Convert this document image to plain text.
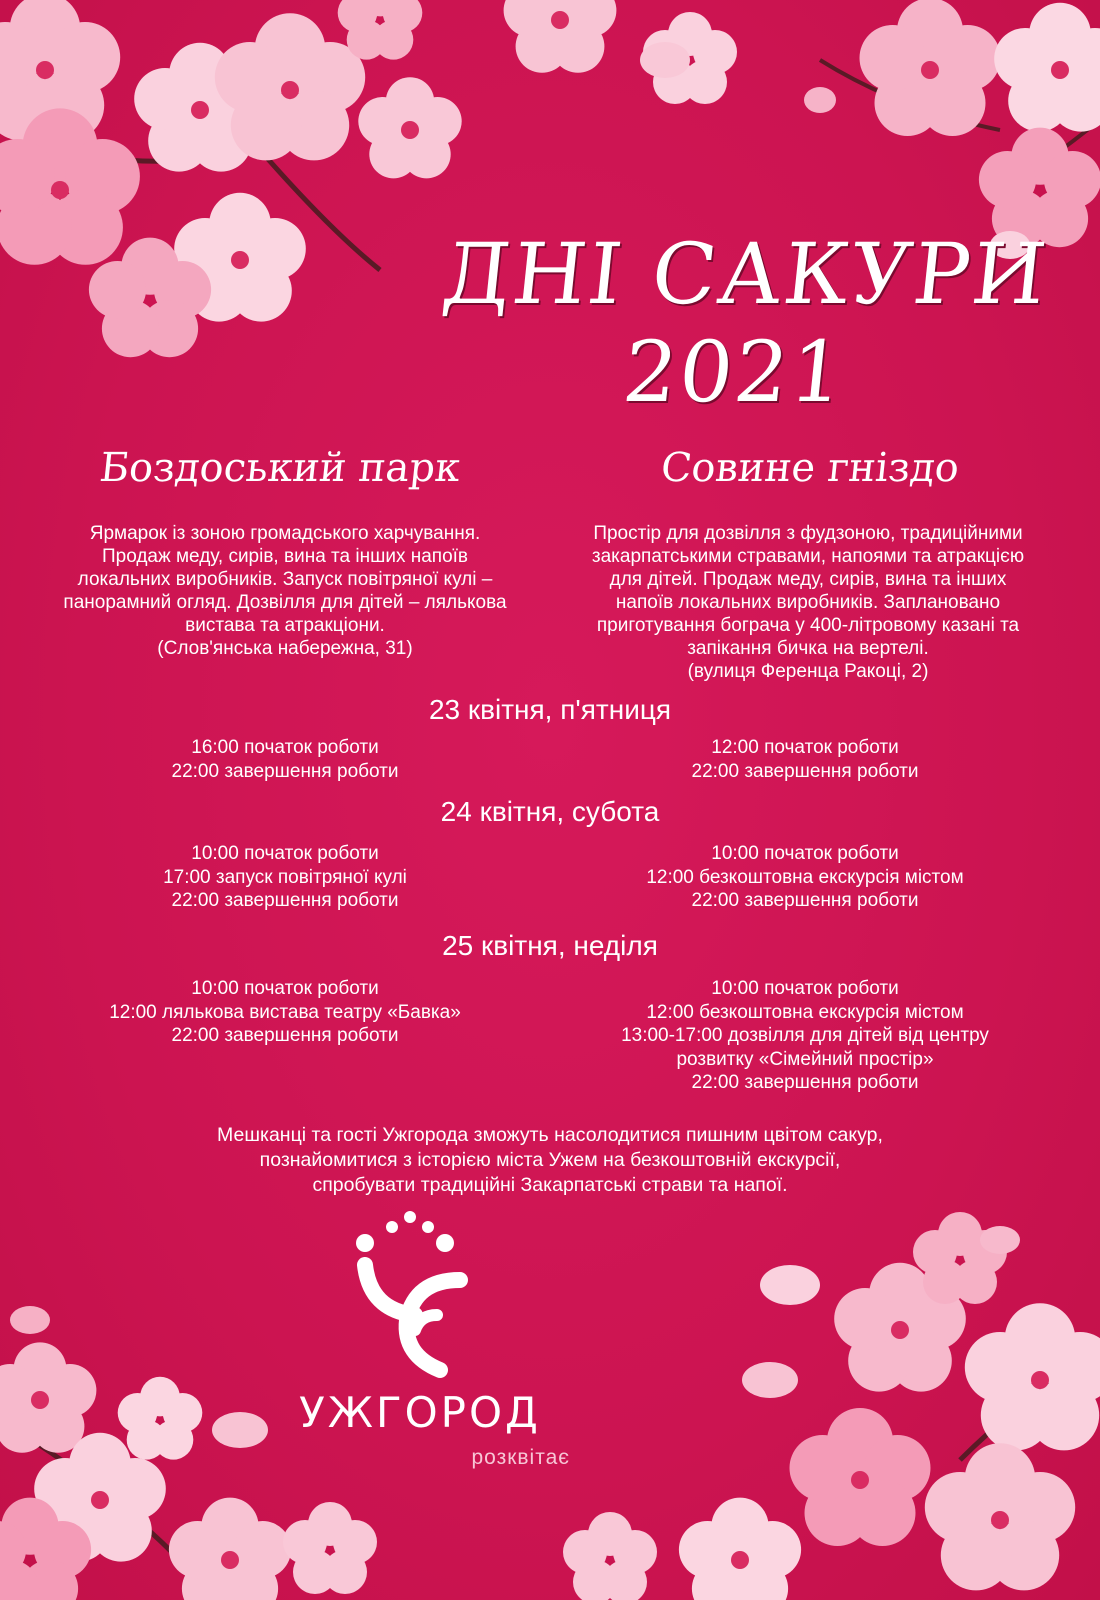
ДНІ САКУРИ
2021
Боздоський парк	Совине гніздо
Ярмарок із зоною громадського харчування.
Продаж меду, сирів, вина та інших напоїв
локальних виробників. Запуск повітряної кулі –
панорамний огляд. Дозвілля для дітей – лялькова
вистава та атракціони.
(Слов'янська набережна, 31)
Простір для дозвілля з фудзоною, традиційними
закарпатськими стравами, напоями та атракцією
для дітей. Продаж меду, сирів, вина та інших
напоїв локальних виробників. Заплановано
приготування бограча у 400-літровому казані та
запікання бичка на вертелі.
(вулиця Ференца Ракоці, 2)
23 квітня, п'ятниця
16:00 початок роботи
22:00 завершення роботи
12:00 початок роботи
22:00 завершення роботи
24 квітня, субота
10:00 початок роботи
17:00 запуск повітряної кулі
22:00 завершення роботи
10:00 початок роботи
12:00 безкоштовна екскурсія містом
22:00 завершення роботи
25 квітня, неділя
10:00 початок роботи
12:00 лялькова вистава театру «Бавка»
22:00 завершення роботи
10:00 початок роботи
12:00 безкоштовна екскурсія містом
13:00-17:00 дозвілля для дітей від центру
розвитку «Сімейний простір»
22:00 завершення роботи
Мешканці та гості Ужгорода зможуть насолодитися пишним цвітом сакур,
познайомитися з історією міста Ужем на безкоштовній екскурсії,
спробувати традиційні Закарпатські страви та напої.
УЖГОРОД
розквітає
